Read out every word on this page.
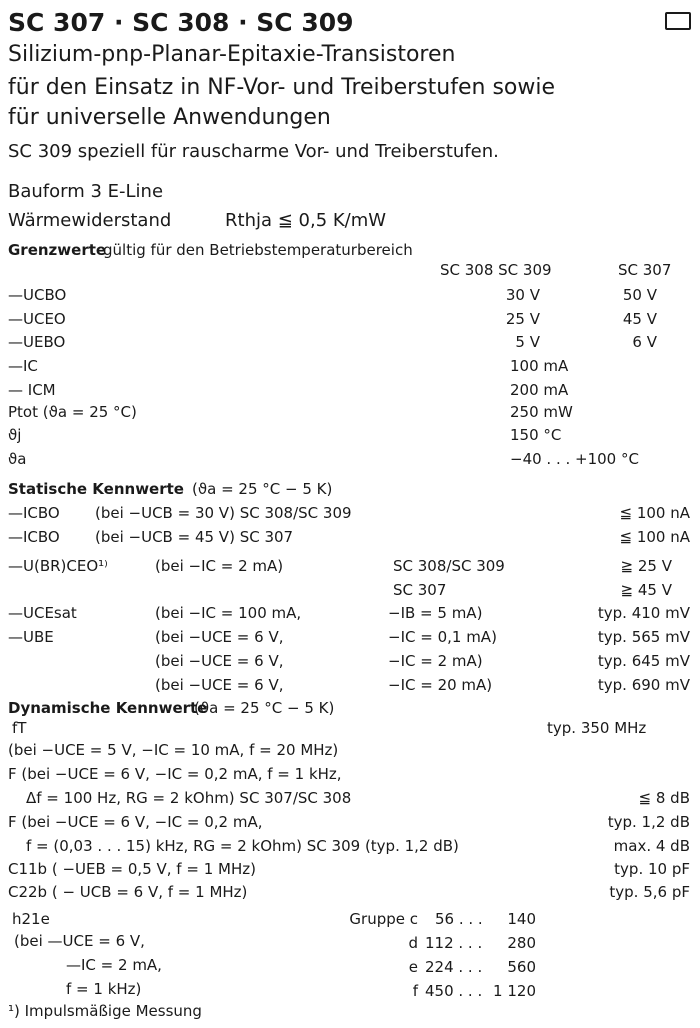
SC 307 · SC 308 · SC 309
Silizium-pnp-Planar-Epitaxie-Transistoren
für den Einsatz in NF-Vor- und Treiberstufen sowie
für universelle Anwendungen
SC 309 speziell für rauscharme Vor- und Treiberstufen.
Bauform 3 E-Line
Wärmewiderstand	Rthja ≦ 0,5 K/mW
Grenzwerte
gültig für den Betriebstemperaturbereich
SC 308 SC 309	SC 307
—UCBO	30 V	50 V
—UCEO	25 V	45 V
—UEBO	5 V	6 V
—IC	100 mA
— ICM	200 mA
Ptot (ϑa = 25 °C)	250 mW
ϑj	150 °C
ϑa	−40 . . . +100 °C
Statische Kennwerte (ϑa = 25 °C − 5 K)
—ICBO (bei −UCB = 30 V) SC 308/SC 309	≦ 100 nA
—ICBO (bei −UCB = 45 V) SC 307	≦ 100 nA
—U(BR)CEO¹⁾	(bei −IC = 2 mA)	SC 308/SC 309	≧ 25 V
SC 307	≧ 45 V
—UCEsat	(bei −IC = 100 mA,	−IB = 5 mA)	typ. 410 mV
—UBE	(bei −UCE = 6 V,	−IC = 0,1 mA)	typ. 565 mV
(bei −UCE = 6 V,	−IC = 2 mA)	typ. 645 mV
(bei −UCE = 6 V,	−IC = 20 mA)	typ. 690 mV
Dynamische Kennwerte
(ϑa = 25 °C − 5 K)
fT	typ. 350 MHz
(bei −UCE = 5 V, −IC = 10 mA, f = 20 MHz)
F (bei −UCE = 6 V, −IC = 0,2 mA, f = 1 kHz,
Δf = 100 Hz, RG = 2 kOhm) SC 307/SC 308	≦ 8 dB
F (bei −UCE = 6 V, −IC = 0,2 mA,	typ. 1,2 dB
f = (0,03 . . . 15) kHz, RG = 2 kOhm) SC 309 (typ. 1,2 dB)	max. 4 dB
C11b ( −UEB = 0,5 V, f = 1 MHz)	typ. 10 pF
C22b ( − UCB = 6 V, f = 1 MHz)	typ. 5,6 pF
h21e
(bei —UCE = 6 V,
—IC = 2 mA,
f = 1 kHz)
Gruppe c 56 . . . 140
d 112 . . . 280
e 224 . . . 560
f 450 . . . 1 120
¹) Impulsmäßige Messung
